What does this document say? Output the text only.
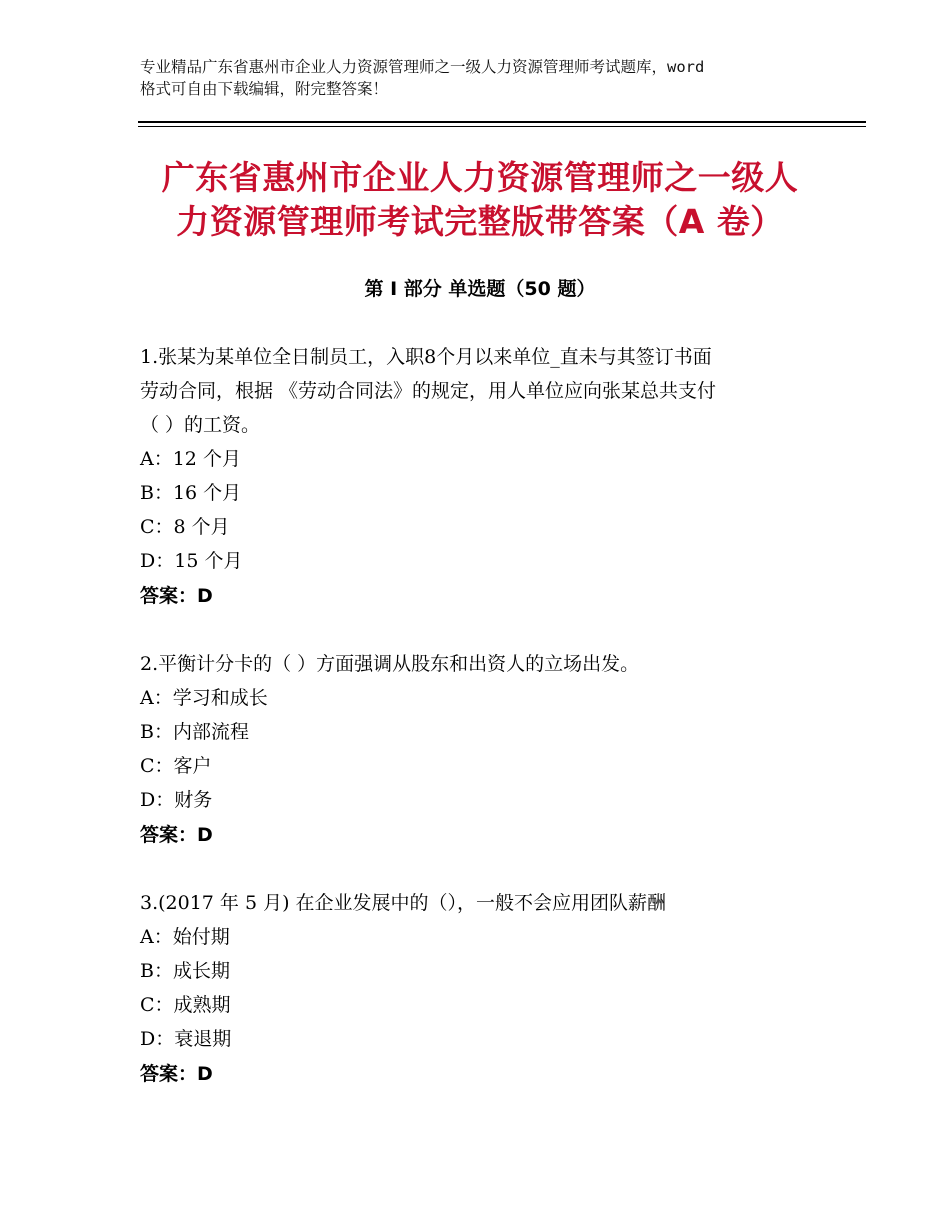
专业精品广东省惠州市企业人力资源管理师之一级人力资源管理师考试题库，word
格式可自由下载编辑，附完整答案！
广东省惠州市企业人力资源管理师之一级人
力资源管理师考试完整版带答案（A 卷）
第 I 部分 单选题（50 题）
1.张某为某单位全日制员工，入职8个月以来单位_直未与其签订书面
劳动合同，根据 《劳动合同法》的规定，用人单位应向张某总共支付
（ ）的工资。
A：12 个月
B：16 个月
C：8 个月
D：15 个月
答案：D
2.平衡计分卡的（ ）方面强调从股东和出资人的立场出发。
A：学习和成长
B：内部流程
C：客户
D：财务
答案：D
3.(2017 年 5 月) 在企业发展中的（），一般不会应用团队薪酬
A：始付期
B：成长期
C：成熟期
D：衰退期
答案：D
